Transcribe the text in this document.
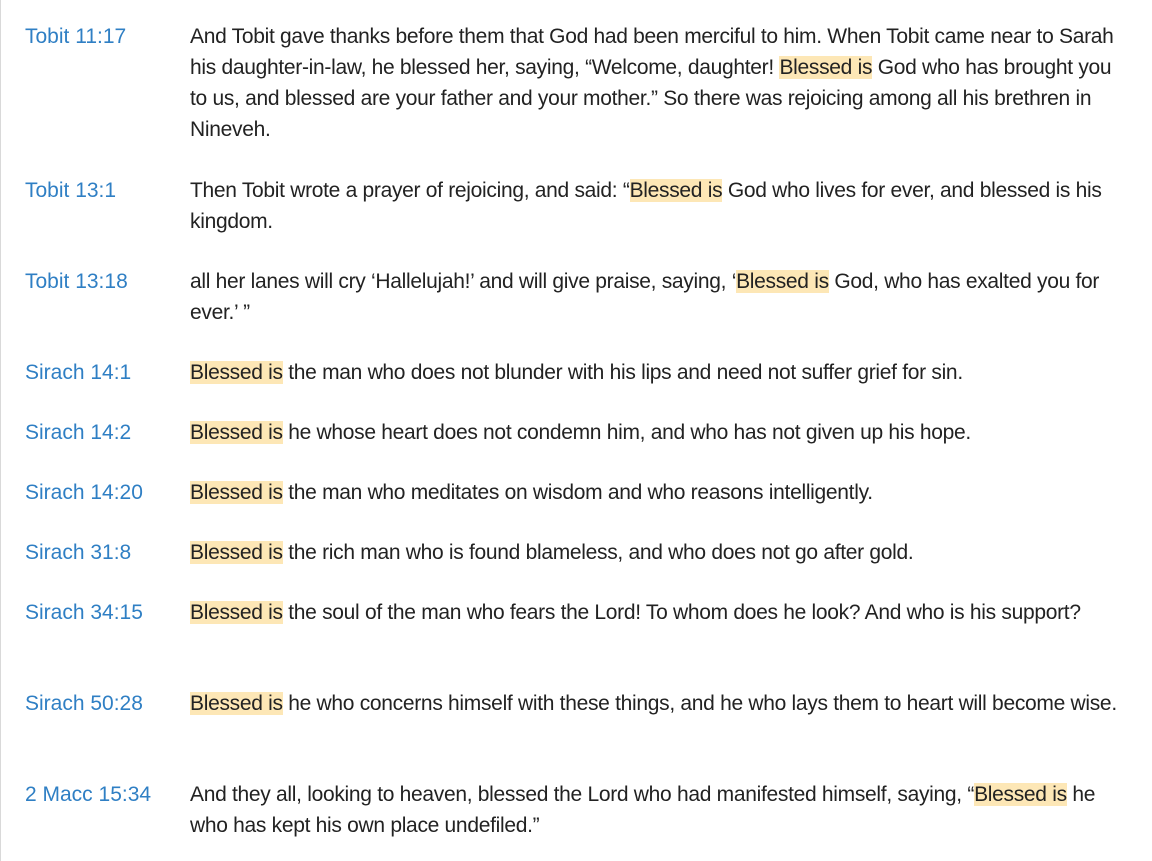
Tobit 11:17	And Tobit gave thanks before them that God had been merciful to him. When Tobit came near to Sarah his daughter-in-law, he blessed her, saying, “Welcome, daughter! Blessed is God who has brought you to us, and blessed are your father and your mother.” So there was rejoicing among all his brethren in Nineveh.
Tobit 13:1	Then Tobit wrote a prayer of rejoicing, and said: “Blessed is God who lives for ever, and blessed is his kingdom.
Tobit 13:18	all her lanes will cry ‘Hallelujah!’ and will give praise, saying, ‘Blessed is God, who has exalted you for ever.’ ”
Sirach 14:1	Blessed is the man who does not blunder with his lips and need not suffer grief for sin.
Sirach 14:2	Blessed is he whose heart does not condemn him, and who has not given up his hope.
Sirach 14:20 Blessed is the man who meditates on wisdom and who reasons intelligently.
Sirach 31:8	Blessed is the rich man who is found blameless, and who does not go after gold.
Sirach 34:15 Blessed is the soul of the man who fears the Lord! To whom does he look? And who is his support?
Sirach 50:28 Blessed is he who concerns himself with these things, and he who lays them to heart will become wise.
2 Macc 15:34 And they all, looking to heaven, blessed the Lord who had manifested himself, saying, “Blessed is he who has kept his own place undefiled.”
